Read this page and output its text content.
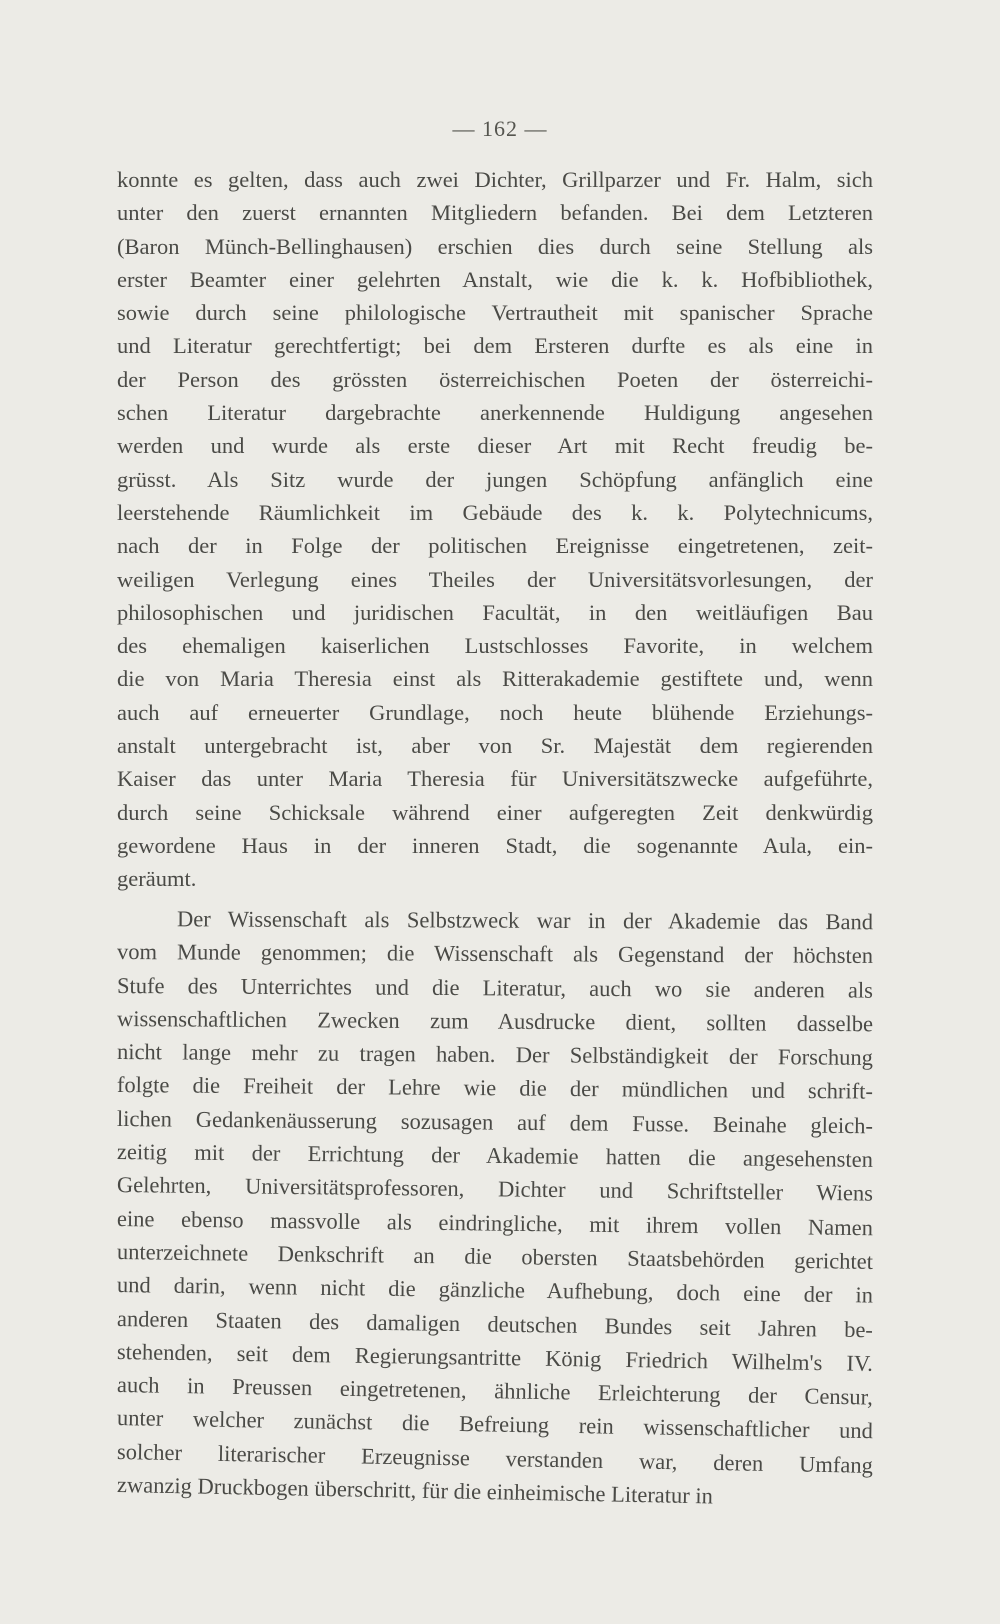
— 162 —
konnte es gelten, dass auch zwei Dichter, Grillparzer und Fr. Halm, sich
unter den zuerst ernannten Mitgliedern befanden. Bei dem Letzteren
(Baron Münch-Bellinghausen) erschien dies durch seine Stellung als
erster Beamter einer gelehrten Anstalt, wie die k. k. Hofbibliothek,
sowie durch seine philologische Vertrautheit mit spanischer Sprache
und Literatur gerechtfertigt; bei dem Ersteren durfte es als eine in
der Person des grössten österreichischen Poeten der österreichi-
schen Literatur dargebrachte anerkennende Huldigung angesehen
werden und wurde als erste dieser Art mit Recht freudig be-
grüsst. Als Sitz wurde der jungen Schöpfung anfänglich eine
leerstehende Räumlichkeit im Gebäude des k. k. Polytechnicums,
nach der in Folge der politischen Ereignisse eingetretenen, zeit-
weiligen Verlegung eines Theiles der Universitätsvorlesungen, der
philosophischen und juridischen Facultät, in den weitläufigen Bau
des ehemaligen kaiserlichen Lustschlosses Favorite, in welchem
die von Maria Theresia einst als Ritterakademie gestiftete und, wenn
auch auf erneuerter Grundlage, noch heute blühende Erziehungs-
anstalt untergebracht ist, aber von Sr. Majestät dem regierenden
Kaiser das unter Maria Theresia für Universitätszwecke aufgeführte,
durch seine Schicksale während einer aufgeregten Zeit denkwürdig
gewordene Haus in der inneren Stadt, die sogenannte Aula, ein-
geräumt.
Der Wissenschaft als Selbstzweck war in der Akademie das Band
vom Munde genommen; die Wissenschaft als Gegenstand der höchsten
Stufe des Unterrichtes und die Literatur, auch wo sie anderen als
wissenschaftlichen Zwecken zum Ausdrucke dient, sollten dasselbe
nicht lange mehr zu tragen haben. Der Selbständigkeit der Forschung
folgte die Freiheit der Lehre wie die der mündlichen und schrift-
lichen Gedankenäusserung sozusagen auf dem Fusse. Beinahe gleich-
zeitig mit der Errichtung der Akademie hatten die angesehensten
Gelehrten, Universitätsprofessoren, Dichter und Schriftsteller Wiens
eine ebenso massvolle als eindringliche, mit ihrem vollen Namen
unterzeichnete Denkschrift an die obersten Staatsbehörden gerichtet
und darin, wenn nicht die gänzliche Aufhebung, doch eine der in
anderen Staaten des damaligen deutschen Bundes seit Jahren be-
stehenden, seit dem Regierungsantritte König Friedrich Wilhelm's IV.
auch in Preussen eingetretenen, ähnliche Erleichterung der Censur,
unter welcher zunächst die Befreiung rein wissenschaftlicher und
solcher literarischer Erzeugnisse verstanden war, deren Umfang
zwanzig Druckbogen überschritt, für die einheimische Literatur in
